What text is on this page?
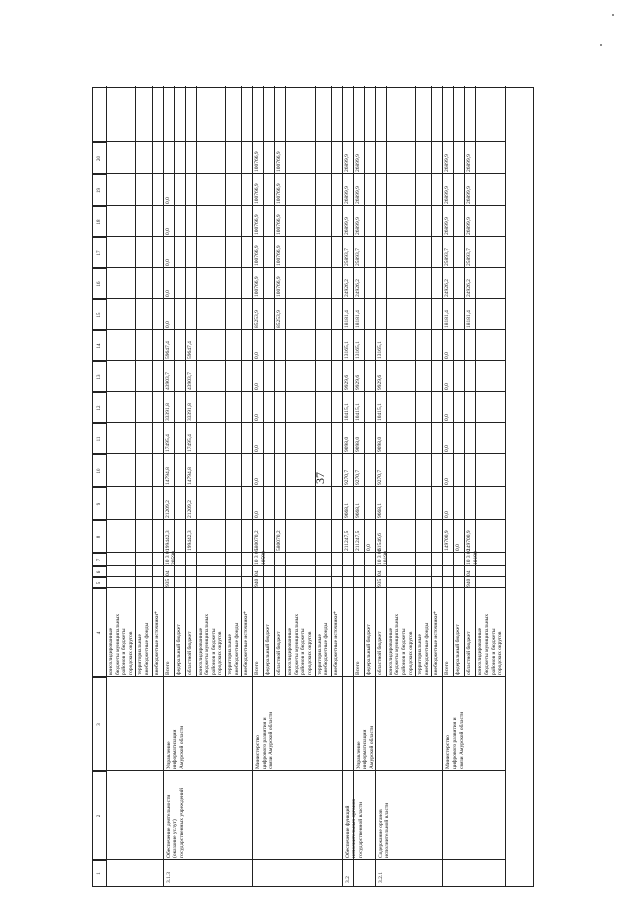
37
1
2
3
4
5
6
7
8
9
10
11
12
13
14
15
16
17
18
19
20
консолидированные
бюджеты муниципальных
районов и бюджеты
городских округов территориальные
внебюджетные фонды внебюджетные источники*
3.1.3
Обеспечение деятельности
(оказание услуг)
государственных учреждений
Управление
информатизации
Амурской области
Всего
935
04
10 3 01
20590
199442,3
21209,2
14794,8
17495,4
33391,8
43903,7
59647,4
0,0
0,0
0,0
0,0
0,0
федеральный бюджет областной бюджет
199442,3
21209,2
14794,8
17495,4
33391,8
43903,7
59647,4
консолидированные
бюджеты муниципальных
районов и бюджеты
городских округов территориальные
внебюджетные фонды внебюджетные источники*
Министерство
цифрового развития и
связи Амурской области
Всего
940
04
10 3 01
10590
580070,2
0,0
0,0
0,0
0,0
0,0
0,0
85253,9
100766,9
100766,9
100766,9
100766,9
100766,9
федеральный бюджет областной бюджет
580070,2
85253,9
100766,9
100766,9
100766,9
100766,9
100766,9
консолидированные
бюджеты муниципальных
районов и бюджеты
городских округов территориальные
внебюджетные фонды внебюджетные источники*
3.2
Обеспечение функций
исполнительных органов
государственной власти
211247,5
9668,1
9270,7
9098,0
10415,1
9929,6
13165,1
18181,4
24926,2
25893,7
26899,9
26899,9
26899,9
Управление
информатизации
Амурской области
Всего
211247,5
9668,1
9270,7
9098,0
10415,1
9929,6
13165,1
18181,4
24926,2
25893,7
26899,9
26899,9
26899,9
федеральный бюджет
0,0
3.2.1
Содержание органов
исполнительной власти
областной бюджет
935
04
10 3 02
10190
61546,6
9668,1
9270,7
9098,0
10415,1
9929,6
13165,1
консолидированные
бюджеты муниципальных
районов и бюджеты
городских округов территориальные
внебюджетные фонды внебюджетные источники*
Министерство
цифрового развития и
связи Амурской области
Всего
149700,9
0,0
0,0
0,0
0,0
0,0
0,0
18181,4
24926,2
25893,7
26899,9
26899,9
26899,9
федеральный бюджет
0,0
областной бюджет
940
04
10 3 02
10190
149700,9
18181,4
24926,2
25893,7
26899,9
26899,9
26899,9
консолидированные
бюджеты муниципальных
районов и бюджеты
городских округов
